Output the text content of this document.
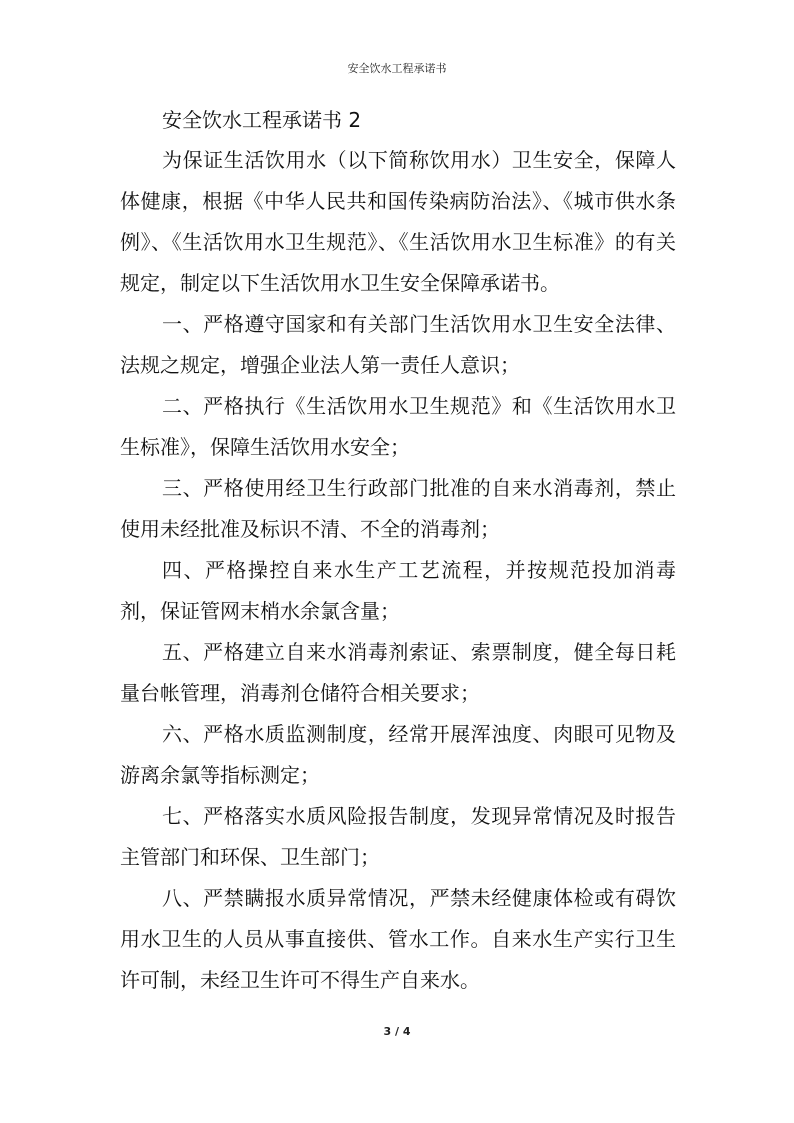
安全饮水工程承诺书
安全饮水工程承诺书 2

为保证生活饮用水（以下简称饮用水）卫生安全，保障人体健康，根据《中华人民共和国传染病防治法》、《城市供水条例》、《生活饮用水卫生规范》、《生活饮用水卫生标准》的有关规定，制定以下生活饮用水卫生安全保障承诺书。

一、严格遵守国家和有关部门生活饮用水卫生安全法律、法规之规定，增强企业法人第一责任人意识；

二、严格执行《生活饮用水卫生规范》和《生活饮用水卫生标准》，保障生活饮用水安全；

三、严格使用经卫生行政部门批准的自来水消毒剂，禁止使用未经批准及标识不清、不全的消毒剂；

四、严格操控自来水生产工艺流程，并按规范投加消毒剂，保证管网末梢水余氯含量；

五、严格建立自来水消毒剂索证、索票制度，健全每日耗量台帐管理，消毒剂仓储符合相关要求；

六、严格水质监测制度，经常开展浑浊度、肉眼可见物及游离余氯等指标测定；

七、严格落实水质风险报告制度，发现异常情况及时报告主管部门和环保、卫生部门；

八、严禁瞒报水质异常情况，严禁未经健康体检或有碍饮用水卫生的人员从事直接供、管水工作。自来水生产实行卫生许可制，未经卫生许可不得生产自来水。

3 / 4
